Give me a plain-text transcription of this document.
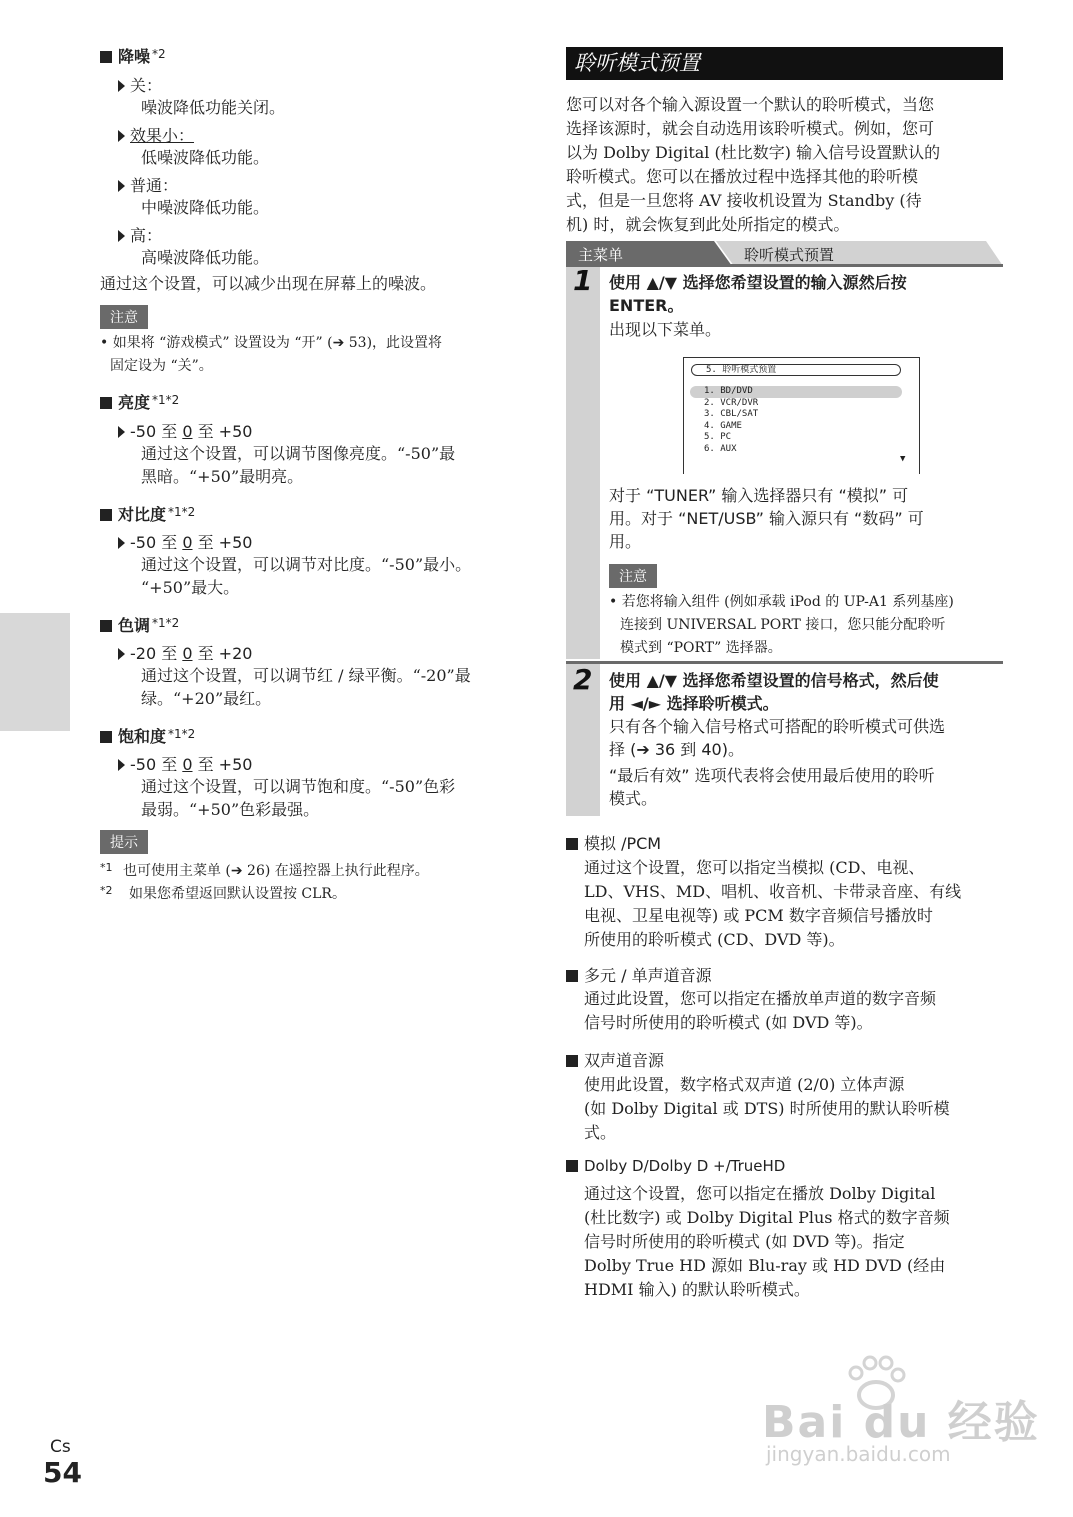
降噪 $^{*2}$
关：
噪波降低功能关闭。
效果小：
低噪波降低功能。
普通：
中噪波降低功能。
高：
高噪波降低功能。
通过这个设置，可以减少出现在屏幕上的噪波。
注意
• 如果将 “游戏模式” 设置设为 “开” (➔ 53)，此设置将
固定设为 “关”。
亮度 $^{*1*2}$
-50 至 0 至 +50
通过这个设置，可以调节图像亮度。“-50”最
黑暗。“+50”最明亮。
对比度 $^{*1*2}$
-50 至 0 至 +50
通过这个设置，可以调节对比度。“-50”最小。
“+50”最大。
色调 $^{*1*2}$
-20 至 0 至 +20
通过这个设置，可以调节红 / 绿平衡。“-20”最
绿。“+20”最红。
饱和度 $^{*1*2}$
-50 至 0 至 +50
通过这个设置，可以调节饱和度。“-50”色彩
最弱。“+50”色彩最强。
提示
$^{*1}$ 也可使用主菜单 (➔ 26) 在遥控器上执行此程序。
$^{*2}$ 如果您希望返回默认设置按 CLR。
Cs
54
聆听模式预置
您可以对各个输入源设置一个默认的聆听模式，当您
选择该源时，就会自动选用该聆听模式。例如，您可
以为 Dolby Digital (杜比数字) 输入信号设置默认的
聆听模式。您可以在播放过程中选择其他的聆听模
式，但是一旦您将 AV 接收机设置为 Standby (待
机) 时，就会恢复到此处所指定的模式。
主菜单	聆听模式预置
1 使用 ▲/▼ 选择您希望设置的输入源然后按
ENTER。
出现以下菜单。
5. 聆听模式预置
1. BD/DVD
2. VCR/DVR
3. CBL/SAT
4. GAME
5. PC
6. AUX
▼
对于 “TUNER” 输入选择器只有 “模拟” 可
用。对于 “NET/USB” 输入源只有 “数码” 可
用。
注意
• 若您将输入组件 (例如承载 iPod 的 UP-A1 系列基座)
连接到 UNIVERSAL PORT 接口，您只能分配聆听
模式到 “PORT” 选择器。
2 使用 ▲/▼ 选择您希望设置的信号格式，然后使
用 ◄/► 选择聆听模式。
只有各个输入信号格式可搭配的聆听模式可供选
择 (➔ 36 到 40)。
“最后有效” 选项代表将会使用最后使用的聆听
模式。
模拟 /PCM
通过这个设置，您可以指定当模拟 (CD、电视、
LD、VHS、MD、唱机、收音机、卡带录音座、有线
电视、卫星电视等) 或 PCM 数字音频信号播放时
所使用的聆听模式 (CD、DVD 等)。
多元 / 单声道音源
通过此设置，您可以指定在播放单声道的数字音频
信号时所使用的聆听模式 (如 DVD 等)。
双声道音源
使用此设置，数字格式双声道 (2/0) 立体声源
(如 Dolby Digital 或 DTS) 时所使用的默认聆听模
式。
Dolby D/Dolby D +/TrueHD
通过这个设置，您可以指定在播放 Dolby Digital
(杜比数字) 或 Dolby Digital Plus 格式的数字音频
信号时所使用的聆听模式 (如 DVD 等)。指定
Dolby True HD 源如 Blu-ray 或 HD DVD (经由
HDMI 输入) 的默认聆听模式。
Bai du 经验
jingyan.baidu.com
